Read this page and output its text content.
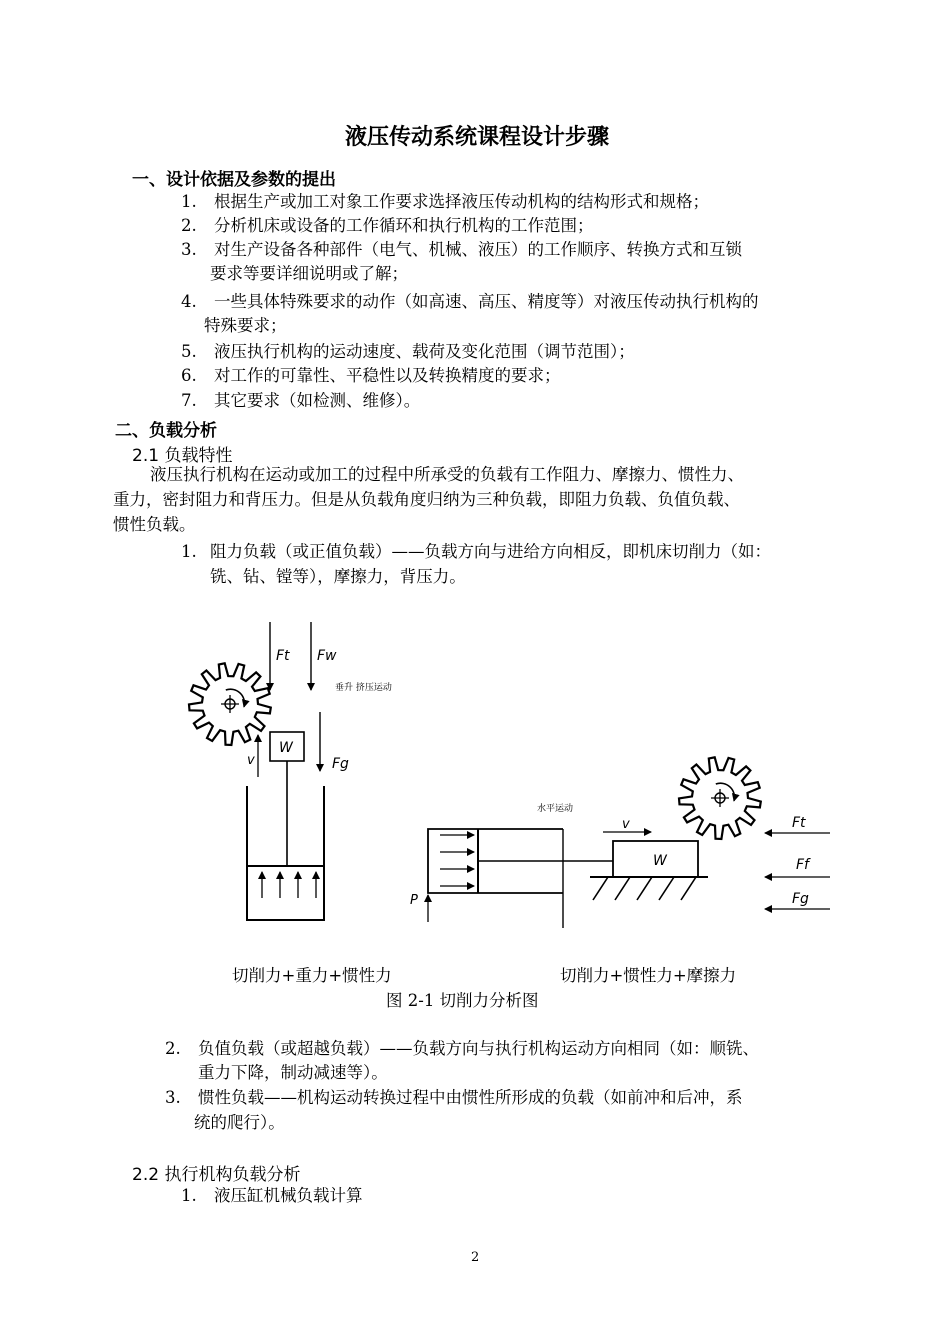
液压传动系统课程设计步骤
一、设计依据及参数的提出
1. 根据生产或加工对象工作要求选择液压传动机构的结构形式和规格；
2. 分析机床或设备的工作循环和执行机构的工作范围；
3. 对生产设备各种部件（电气、机械、液压）的工作顺序、转换方式和互锁
要求等要详细说明或了解；
4. 一些具体特殊要求的动作（如高速、高压、精度等）对液压传动执行机构的
特殊要求；
5. 液压执行机构的运动速度、载荷及变化范围（调节范围）；
6. 对工作的可靠性、平稳性以及转换精度的要求；
7. 其它要求（如检测、维修）。
二、负载分析
2.1 负载特性
液压执行机构在运动或加工的过程中所承受的负载有工作阻力、摩擦力、惯性力、
重力，密封阻力和背压力。但是从负载角度归纳为三种负载，即阻力负载、负值负载、
惯性负载。
1. 阻力负载（或正值负载）——负载方向与进给方向相反，即机床切削力（如：
铣、钻、镗等），摩擦力，背压力。
Ft Fw
垂升 挤压运动
W
v	Fg
水平运动
P
W
v	Ft
Ff
Fg
切削力+重力+惯性力	切削力+惯性力+摩擦力
图 2-1 切削力分析图
2. 负值负载（或超越负载）——负载方向与执行机构运动方向相同（如：顺铣、
重力下降，制动减速等）。
3. 惯性负载——机构运动转换过程中由惯性所形成的负载（如前冲和后冲，系
统的爬行）。
2.2 执行机构负载分析
1. 液压缸机械负载计算
2
